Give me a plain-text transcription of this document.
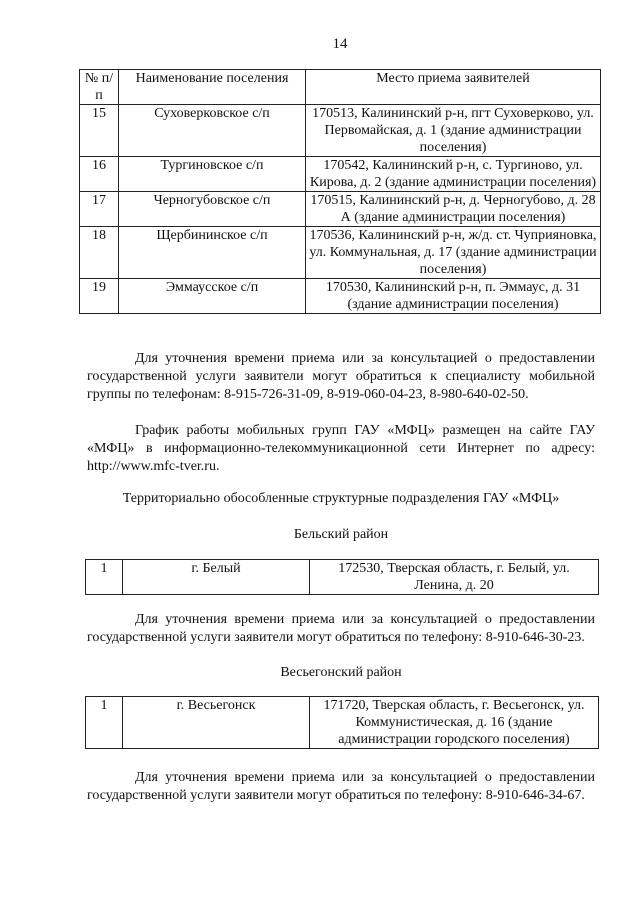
14
№ п/п	Наименование поселения	Место приема заявителей
15	Суховерковское с/п	170513, Калининский р-н, пгт Суховерково, ул. Первомайская, д. 1 (здание администрации поселения)
16	Тургиновское с/п	170542, Калининский р-н, с. Тургиново, ул. Кирова, д. 2 (здание администрации поселения)
17	Черногубовское с/п	170515, Калининский р-н, д. Черногубово, д. 28 А (здание администрации поселения)
18	Щербининское с/п	170536, Калининский р-н, ж/д. ст. Чуприяновка, ул. Коммунальная, д. 17 (здание администрации поселения)
19	Эммаусское с/п	170530, Калининский р-н, п. Эммаус, д. 31 (здание администрации поселения)
Для уточнения времени приема или за консультацией о предоставлении государственной услуги заявители могут обратиться к специалисту мобильной группы по телефонам: 8-915-726-31-09, 8-919-060-04-23, 8-980-640-02-50.
График работы мобильных групп ГАУ «МФЦ» размещен на сайте ГАУ «МФЦ» в информационно-телекоммуникационной сети Интернет по адресу: http://www.mfc-tver.ru.
Территориально обособленные структурные подразделения ГАУ «МФЦ»
Бельский район
1	г. Белый	172530, Тверская область, г. Белый, ул. Ленина, д. 20
Для уточнения времени приема или за консультацией о предоставлении государственной услуги заявители могут обратиться по телефону: 8-910-646-30-23.
Весьегонский район
1	г. Весьегонск	171720, Тверская область, г. Весьегонск, ул. Коммунистическая, д. 16 (здание администрации городского поселения)
Для уточнения времени приема или за консультацией о предоставлении государственной услуги заявители могут обратиться по телефону: 8-910-646-34-67.
